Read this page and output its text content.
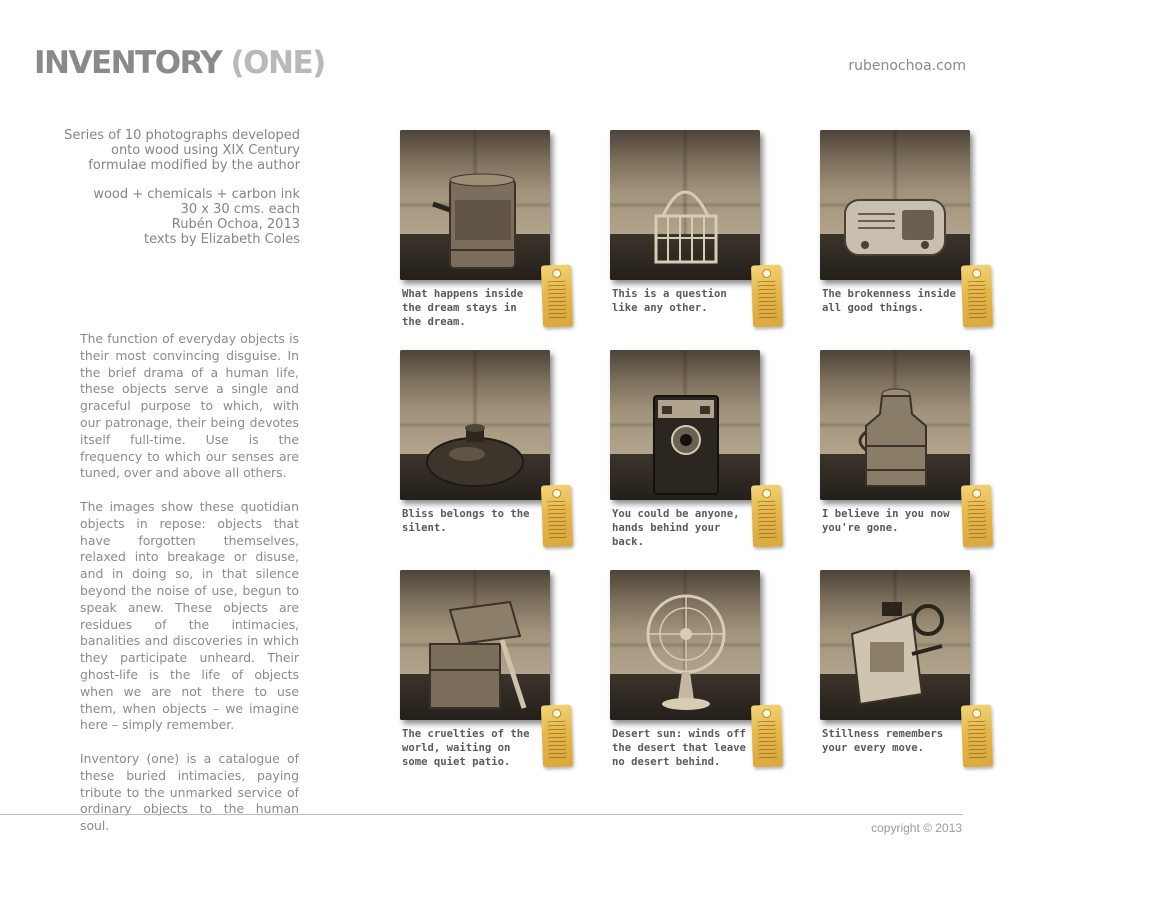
INVENTORY (ONE)	rubenochoa.com

Series of 10 photographs developed

onto wood using XIX Century

formulae modified by the author

wood + chemicals + carbon ink

30 x 30 cms. each

Rubén Ochoa, 2013

texts by Elizabeth Coles

The function of everyday objects is their most convincing disguise. In the brief drama of a human life, these objects serve a single and graceful purpose to which, with our patronage, their being devotes itself full-time. Use is the frequency to which our senses are tuned, over and above all others.

The images show these quotidian objects in repose: objects that have forgotten themselves, relaxed into breakage or disuse, and in doing so, in that silence beyond the noise of use, begun to speak anew. These objects are residues of the intimacies, banalities and discoveries in which they participate unheard. Their ghost-life is the life of objects when we are not there to use them, when objects – we imagine here – simply remember.

Inventory (one) is a catalogue of these buried intimacies, paying tribute to the unmarked service of ordinary objects to the human soul.

What happens inside the dream stays in the dream.
This is a question like any other.
The brokenness inside all good things.
Bliss belongs to the silent.
You could be anyone, hands behind your back.
I believe in you now you're gone.
The cruelties of the world, waiting on some quiet patio.
Desert sun: winds off the desert that leave no desert behind.
Stillness remembers your every move.
copyright © 2013
